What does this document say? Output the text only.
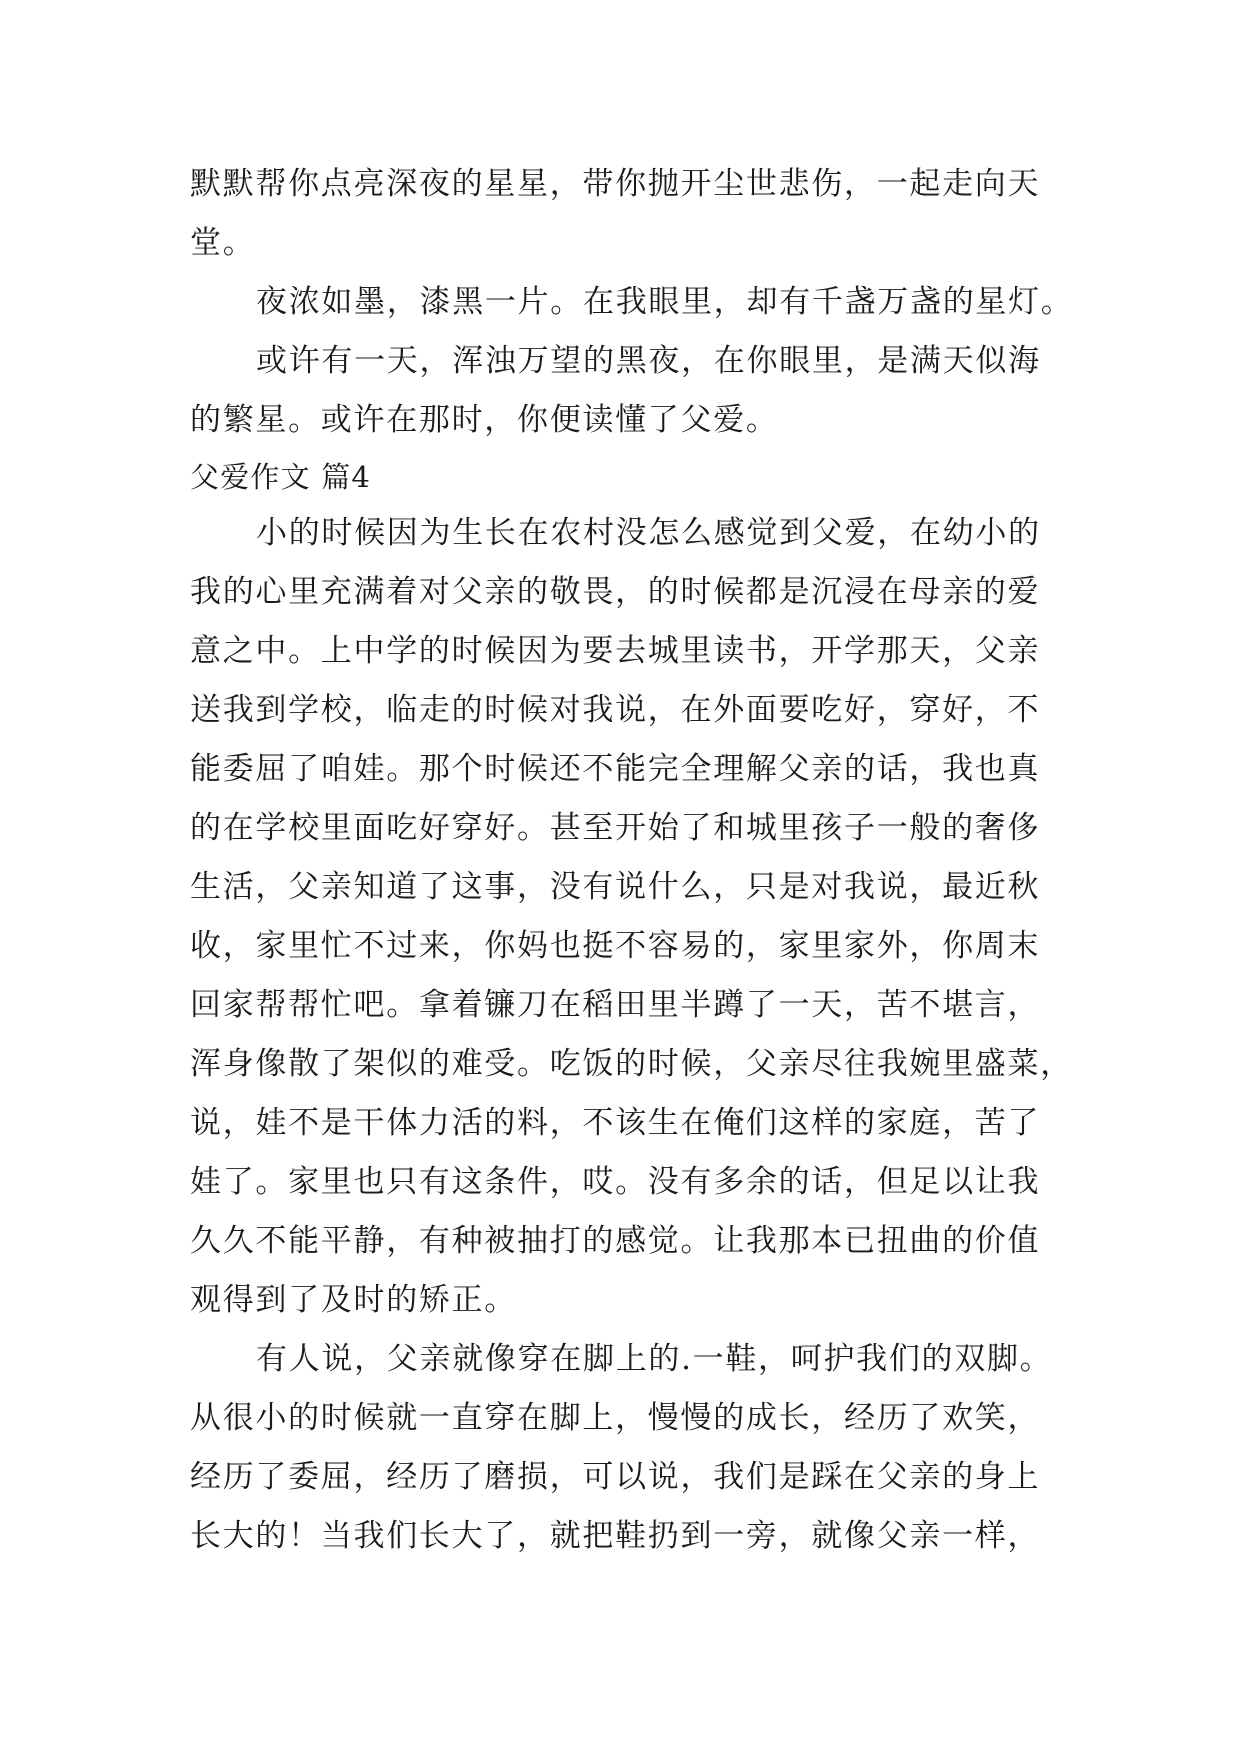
默默帮你点亮深夜的星星，带你抛开尘世悲伤，一起走向天
堂。
夜浓如墨，漆黑一片。在我眼里，却有千盏万盏的星灯。
或许有一天，浑浊万望的黑夜，在你眼里，是满天似海
的繁星。或许在那时，你便读懂了父爱。
父爱作文 篇4
小的时候因为生长在农村没怎么感觉到父爱，在幼小的
我的心里充满着对父亲的敬畏，的时候都是沉浸在母亲的爱
意之中。上中学的时候因为要去城里读书，开学那天，父亲
送我到学校，临走的时候对我说，在外面要吃好，穿好，不
能委屈了咱娃。那个时候还不能完全理解父亲的话，我也真
的在学校里面吃好穿好。甚至开始了和城里孩子一般的奢侈
生活，父亲知道了这事，没有说什么，只是对我说，最近秋
收，家里忙不过来，你妈也挺不容易的，家里家外，你周末
回家帮帮忙吧。拿着镰刀在稻田里半蹲了一天，苦不堪言，
浑身像散了架似的难受。吃饭的时候，父亲尽往我婉里盛菜，
说，娃不是干体力活的料，不该生在俺们这样的家庭，苦了
娃了。家里也只有这条件，哎。没有多余的话，但足以让我
久久不能平静，有种被抽打的感觉。让我那本已扭曲的价值
观得到了及时的矫正。
有人说，父亲就像穿在脚上的.一鞋，呵护我们的双脚。
从很小的时候就一直穿在脚上，慢慢的成长，经历了欢笑，
经历了委屈，经历了磨损，可以说，我们是踩在父亲的身上
长大的！当我们长大了，就把鞋扔到一旁，就像父亲一样，
